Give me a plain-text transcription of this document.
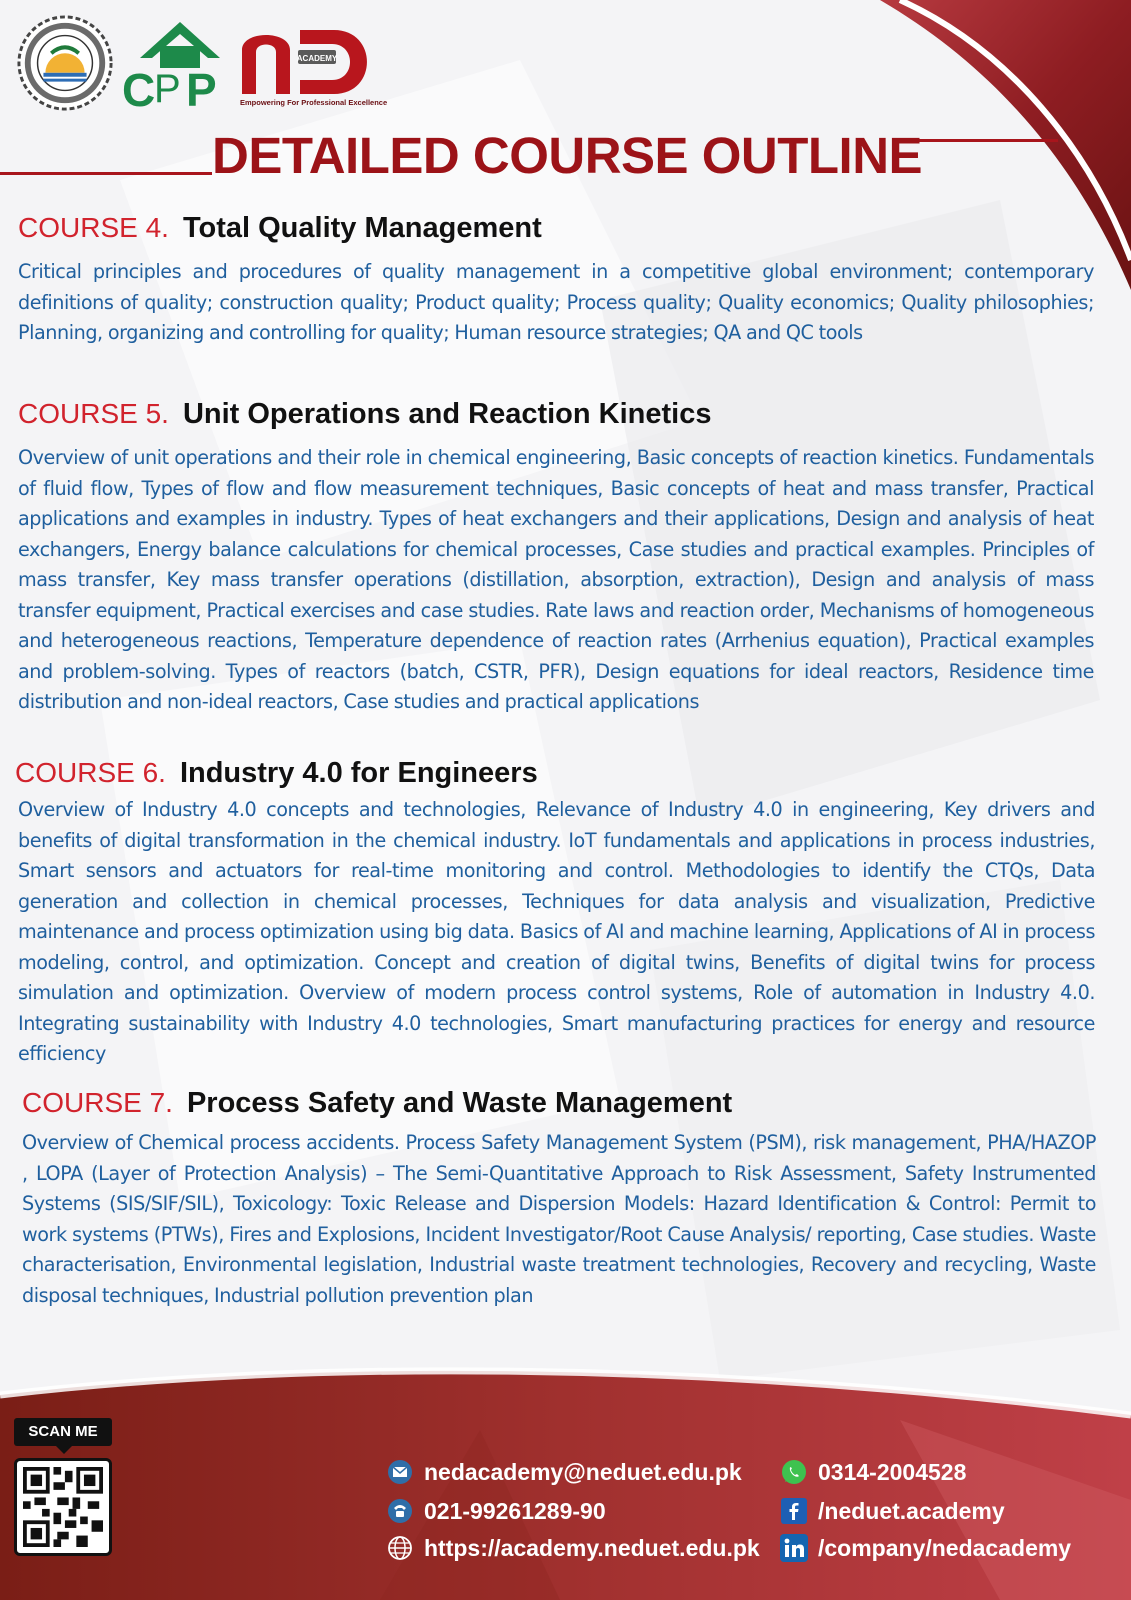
C
P P
ACADEMY
Empowering For Professional Excellence
DETAILED COURSE OUTLINE
COURSE 4. Total Quality Management

Critical principles and procedures of quality management in a competitive global environment; contemporary definitions of quality; construction quality; Product quality; Process quality; Quality economics; Quality philosophies; Planning, organizing and controlling for quality; Human resource strategies; QA and QC tools

COURSE 5. Unit Operations and Reaction Kinetics

Overview of unit operations and their role in chemical engineering, Basic concepts of reaction kinetics. Fundamentals of fluid flow, Types of flow and flow measurement techniques, Basic concepts of heat and mass transfer, Practical applications and examples in industry. Types of heat exchangers and their applications, Design and analysis of heat exchangers, Energy balance calculations for chemical processes, Case studies and practical examples. Principles of mass transfer, Key mass transfer operations (distillation, absorption, extraction), Design and analysis of mass transfer equipment, Practical exercises and case studies. Rate laws and reaction order, Mechanisms of homogeneous and heterogeneous reactions, Temperature dependence of reaction rates (Arrhenius equation), Practical examples and problem-solving. Types of reactors (batch, CSTR, PFR), Design equations for ideal reactors, Residence time distribution and non-ideal reactors, Case studies and practical applications

COURSE 6. Industry 4.0 for Engineers

Overview of Industry 4.0 concepts and technologies, Relevance of Industry 4.0 in engineering, Key drivers and benefits of digital transformation in the chemical industry. IoT fundamentals and applications in process industries, Smart sensors and actuators for real-time monitoring and control. Methodologies to identify the CTQs, Data generation and collection in chemical processes, Techniques for data analysis and visualization, Predictive maintenance and process optimization using big data. Basics of AI and machine learning, Applications of AI in process modeling, control, and optimization. Concept and creation of digital twins, Benefits of digital twins for process simulation and optimization. Overview of modern process control systems, Role of automation in Industry 4.0. Integrating sustainability with Industry 4.0 technologies, Smart manufacturing practices for energy and resource efficiency

COURSE 7. Process Safety and Waste Management

Overview of Chemical process accidents. Process Safety Management System (PSM), risk management, PHA/HAZOP , LOPA (Layer of Protection Analysis) – The Semi-Quantitative Approach to Risk Assessment, Safety Instrumented Systems (SIS/SIF/SIL), Toxicology: Toxic Release and Dispersion Models: Hazard Identification & Control: Permit to work systems (PTWs), Fires and Explosions, Incident Investigator/Root Cause Analysis/ reporting, Case studies. Waste characterisation, Environmental legislation, Industrial waste treatment technologies, Recovery and recycling, Waste disposal techniques, Industrial pollution prevention plan

SCAN ME
nedacademy@neduet.edu.pk
021-99261289-90
https://academy.neduet.edu.pk
0314-2004528
/neduet.academy
/company/nedacademy
